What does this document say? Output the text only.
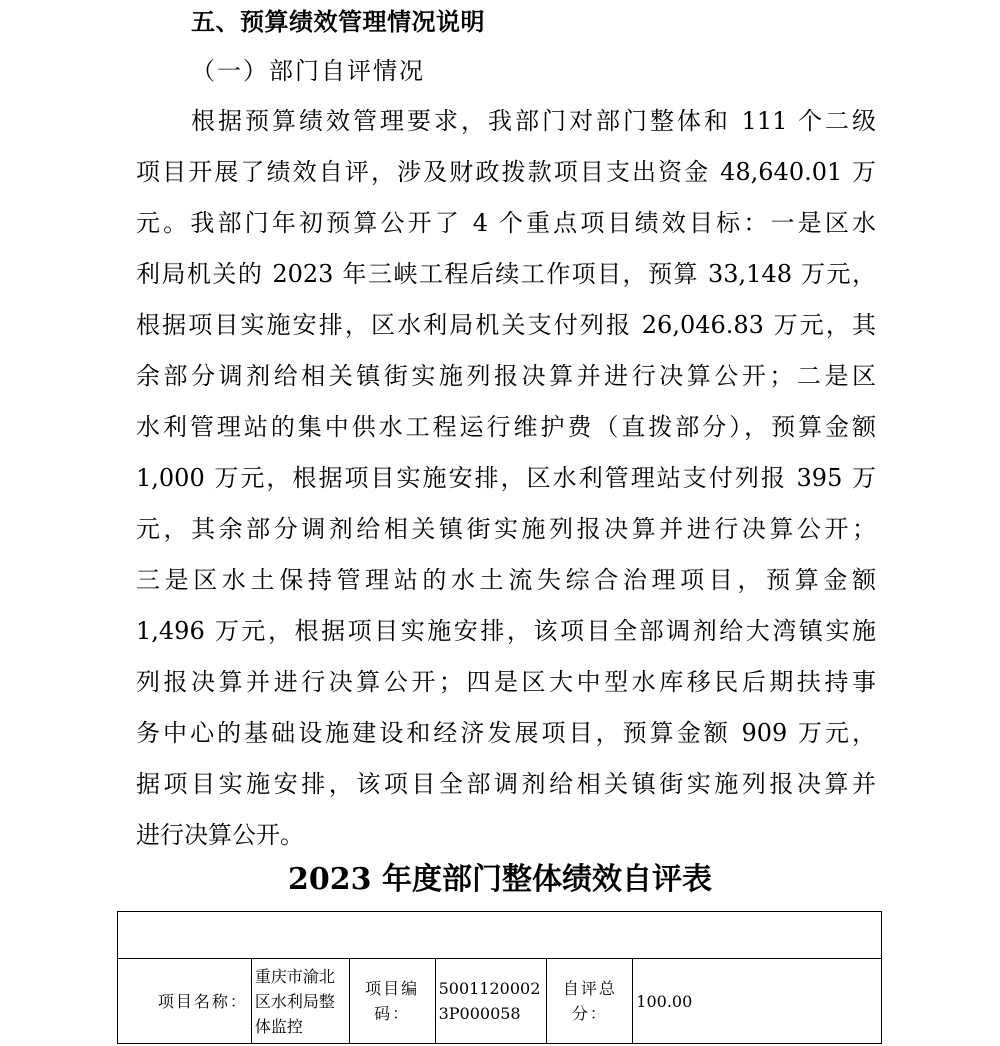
五、预算绩效管理情况说明
（一）部门自评情况
根据预算绩效管理要求，我部门对部门整体和 111 个二级
项目开展了绩效自评，涉及财政拨款项目支出资金 48,640.01 万
元。我部门年初预算公开了 4 个重点项目绩效目标：一是区水
利局机关的 2023 年三峡工程后续工作项目，预算 33,148 万元，
根据项目实施安排，区水利局机关支付列报 26,046.83 万元，其
余部分调剂给相关镇街实施列报决算并进行决算公开；二是区
水利管理站的集中供水工程运行维护费（直拨部分），预算金额
1,000 万元，根据项目实施安排，区水利管理站支付列报 395 万
元，其余部分调剂给相关镇街实施列报决算并进行决算公开；
三是区水土保持管理站的水土流失综合治理项目，预算金额
1,496 万元，根据项目实施安排，该项目全部调剂给大湾镇实施
列报决算并进行决算公开；四是区大中型水库移民后期扶持事
务中心的基础设施建设和经济发展项目，预算金额 909 万元，
据项目实施安排，该项目全部调剂给相关镇街实施列报决算并
进行决算公开。
2023 年度部门整体绩效自评表

项目名称：	重庆市渝北区水利局整体监控	项目编码：	50011200023P000058	自评总分：	100.00
